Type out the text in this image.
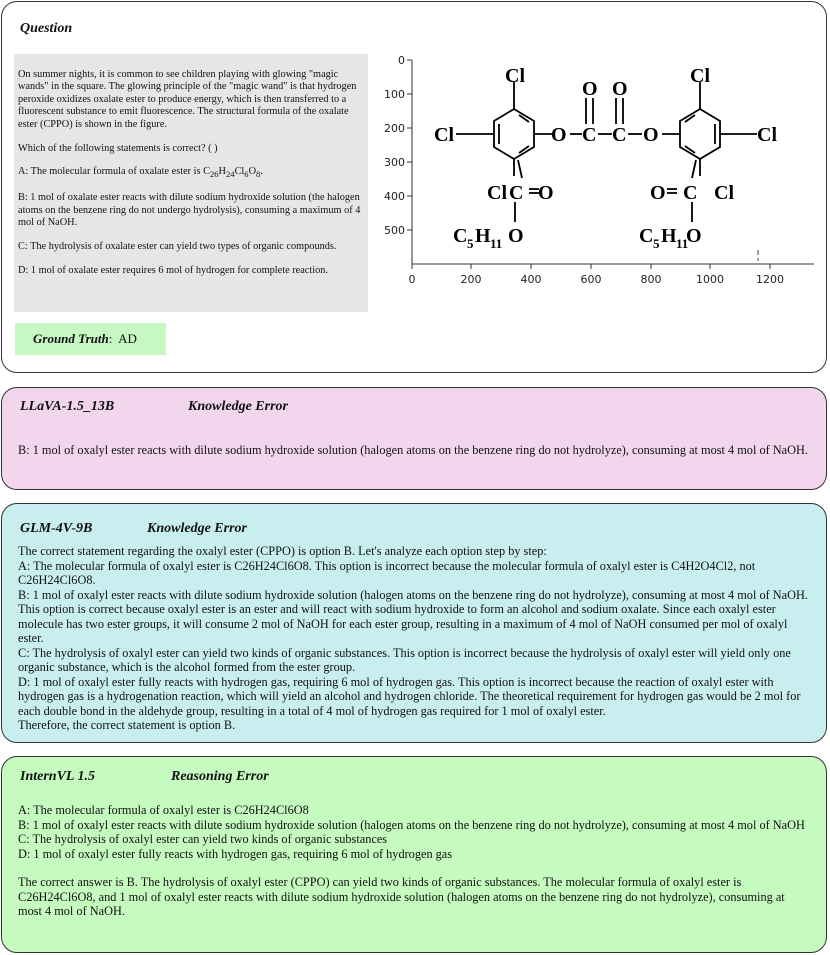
Question

On summer nights, it is common to see children playing with glowing "magic wands" in the square. The glowing principle of the "magic wand" is that hydrogen peroxide oxidizes oxalate ester to produce energy, which is then transferred to a fluorescent substance to emit fluorescence. The structural formula of the oxalate ester (CPPO) is shown in the figure.

Which of the following statements is correct? ( )

A: The molecular formula of oxalate ester is $C_{26}H_{24}Cl_6O_8$.

B: 1 mol of oxalate ester reacts with dilute sodium hydroxide solution (the halogen atoms on the benzene ring do not undergo hydrolysis), consuming a maximum of 4 mol of NaOH.

C: The hydrolysis of oxalate ester can yield two types of organic compounds.

D: 1 mol of oxalate ester requires 6 mol of hydrogen for complete reaction.

Ground Truth: AD
0
100
200
300
400
500
0	200	400	600	800	1000	1200
Cl
Cl	O C C O
O O
Cl
Cl
Cl C O	O C Cl
O	O
C 5 H 11	C 5 H 11
LLaVA-1.5_13B	Knowledge Error

B: 1 mol of oxalyl ester reacts with dilute sodium hydroxide solution (halogen atoms on the benzene ring do not hydrolyze), consuming at most 4 mol of NaOH.

GLM-4V-9B	Knowledge Error

The correct statement regarding the oxalyl ester (CPPO) is option B. Let's analyze each option step by step:

A: The molecular formula of oxalyl ester is C26H24Cl6O8. This option is incorrect because the molecular formula of oxalyl ester is C4H2O4Cl2, not C26H24Cl6O8.

B: 1 mol of oxalyl ester reacts with dilute sodium hydroxide solution (halogen atoms on the benzene ring do not hydrolyze), consuming at most 4 mol of NaOH. This option is correct because oxalyl ester is an ester and will react with sodium hydroxide to form an alcohol and sodium oxalate. Since each oxalyl ester molecule has two ester groups, it will consume 2 mol of NaOH for each ester group, resulting in a maximum of 4 mol of NaOH consumed per mol of oxalyl ester.

C: The hydrolysis of oxalyl ester can yield two kinds of organic substances. This option is incorrect because the hydrolysis of oxalyl ester will yield only one organic substance, which is the alcohol formed from the ester group.

D: 1 mol of oxalyl ester fully reacts with hydrogen gas, requiring 6 mol of hydrogen gas. This option is incorrect because the reaction of oxalyl ester with hydrogen gas is a hydrogenation reaction, which will yield an alcohol and hydrogen chloride. The theoretical requirement for hydrogen gas would be 2 mol for each double bond in the aldehyde group, resulting in a total of 4 mol of hydrogen gas required for 1 mol of oxalyl ester.

Therefore, the correct statement is option B.

InternVL 1.5	Reasoning Error

A: The molecular formula of oxalyl ester is C26H24Cl6O8

B: 1 mol of oxalyl ester reacts with dilute sodium hydroxide solution (halogen atoms on the benzene ring do not hydrolyze), consuming at most 4 mol of NaOH

C: The hydrolysis of oxalyl ester can yield two kinds of organic substances

D: 1 mol of oxalyl ester fully reacts with hydrogen gas, requiring 6 mol of hydrogen gas

The correct answer is B. The hydrolysis of oxalyl ester (CPPO) can yield two kinds of organic substances. The molecular formula of oxalyl ester is C26H24Cl6O8, and 1 mol of oxalyl ester reacts with dilute sodium hydroxide solution (halogen atoms on the benzene ring do not hydrolyze), consuming at most 4 mol of NaOH.
